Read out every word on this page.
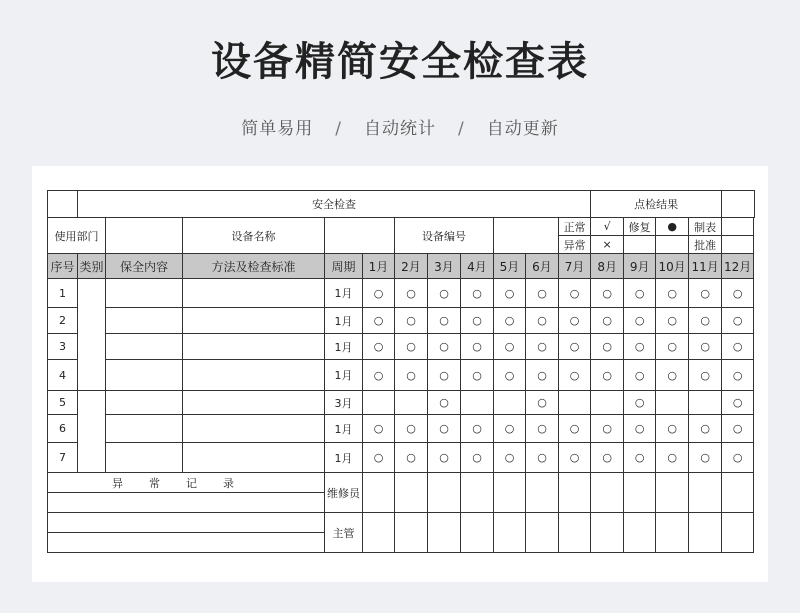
设备精简安全检查表
简单易用 / 自动统计 / 自动更新
	安全检查											点检结果				
使用部门			设备名称			设备编号					正常	√	修复	●	制表	
											异常	×			批准	
序号	类别	保全内容	方法及检查标准	周期	1月	2月	3月	4月	5月	6月	7月	8月	9月	10月	11月	12月
1				1月	○	○	○	○	○	○	○	○	○	○	○	○
2				1月	○	○	○	○	○	○	○	○	○	○	○	○
3				1月	○	○	○	○	○	○	○	○	○	○	○	○
4				1月	○	○	○	○	○	○	○	○	○	○	○	○
5				3月			○			○			○			○
6				1月	○	○	○	○	○	○	○	○	○	○	○	○
7				1月	○	○	○	○	○	○	○	○	○	○	○	○
异常记录				维修员												

				主管												
